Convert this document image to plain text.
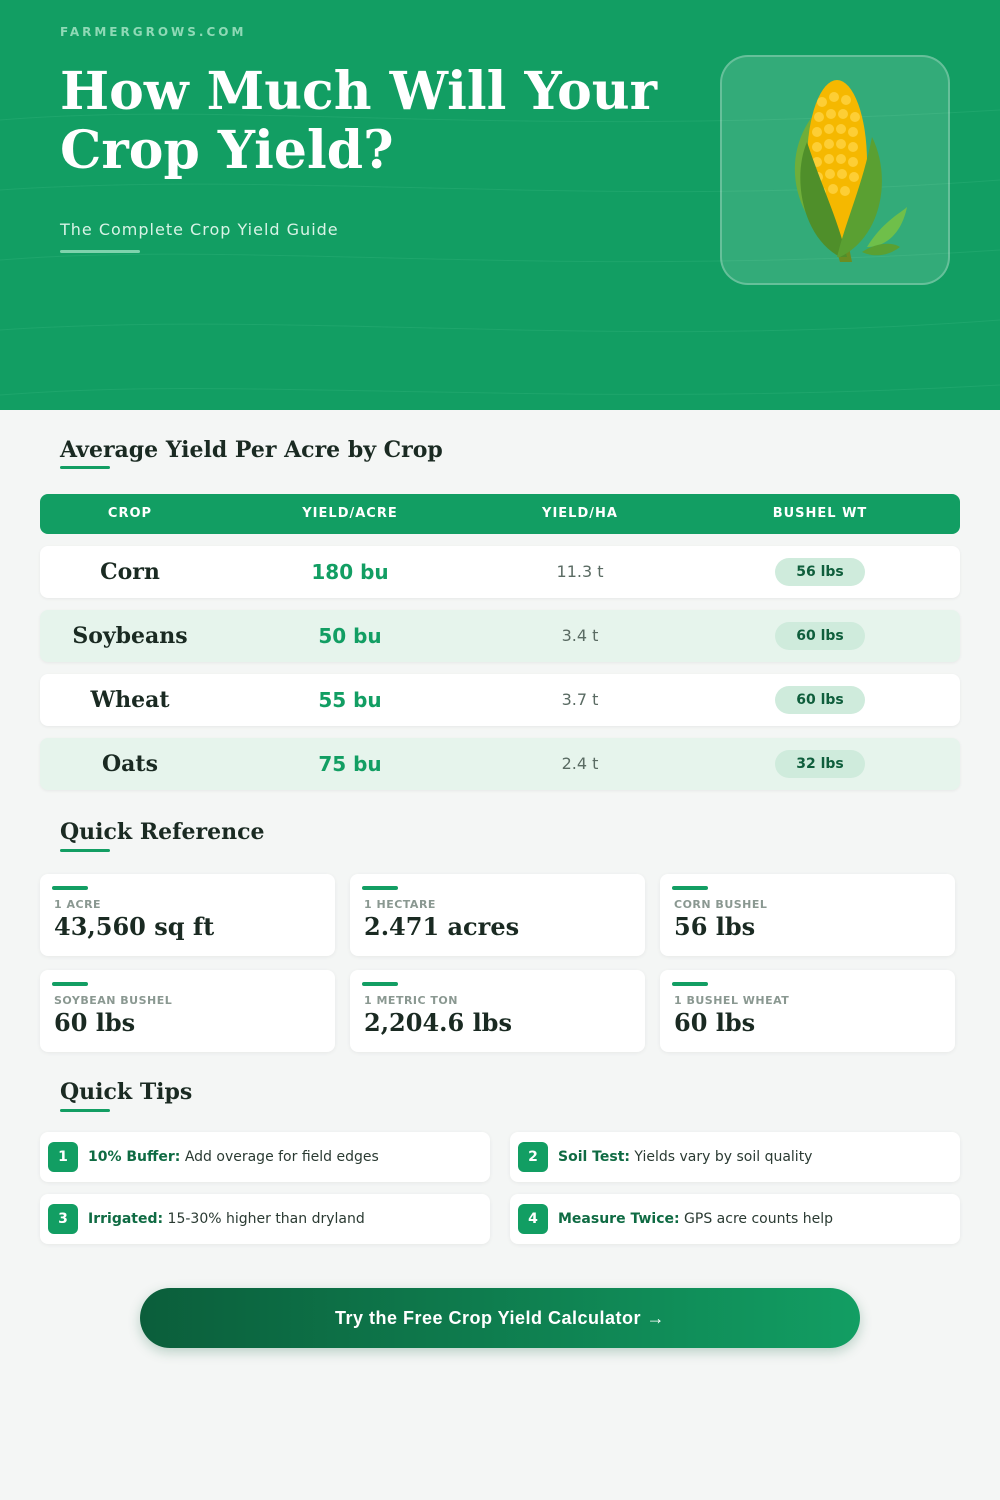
FARMERGROWS.COM
How Much Will Your Crop Yield?
The Complete Crop Yield Guide
Average Yield Per Acre by Crop
CROP	YIELD/ACRE	YIELD/HA	BUSHEL WT
Corn	180 bu	11.3 t	56 lbs
Soybeans	50 bu	3.4 t	60 lbs
Wheat	55 bu	3.7 t	60 lbs
Oats	75 bu	2.4 t	32 lbs
Quick Reference
1 ACRE
43,560 sq ft
1 HECTARE
2.471 acres
CORN BUSHEL
56 lbs
SOYBEAN BUSHEL
60 lbs
1 METRIC TON
2,204.6 lbs
1 BUSHEL WHEAT
60 lbs
Quick Tips
1	10% Buffer: Add overage for field edges	2	Soil Test: Yields vary by soil quality
3	Irrigated: 15-30% higher than dryland	4	Measure Twice: GPS acre counts help
Try the Free Crop Yield Calculator →
